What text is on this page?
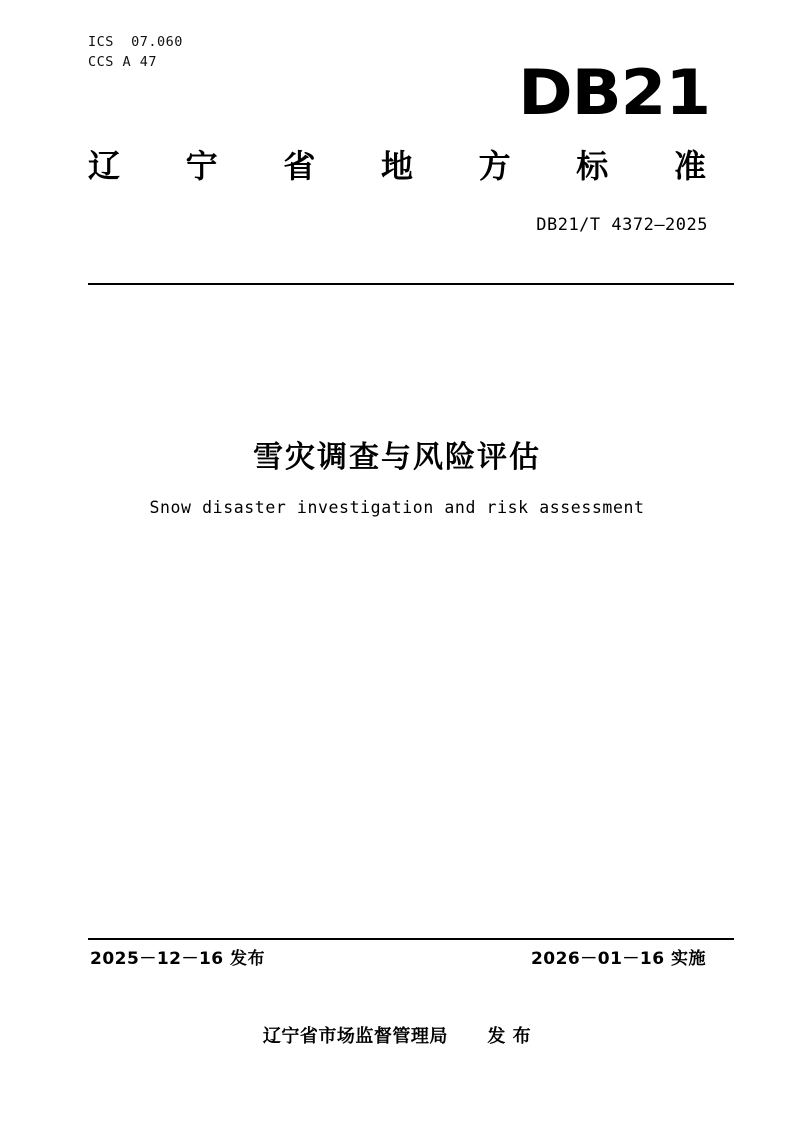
ICS  07.060
CCS A 47	DB21
辽 宁 省 地 方 标 准
DB21/T 4372—2025
雪灾调查与风险评估
Snow disaster investigation and risk assessment
2025－12－16 发布	2026－01－16 实施
辽宁省市场监督管理局 发 布
